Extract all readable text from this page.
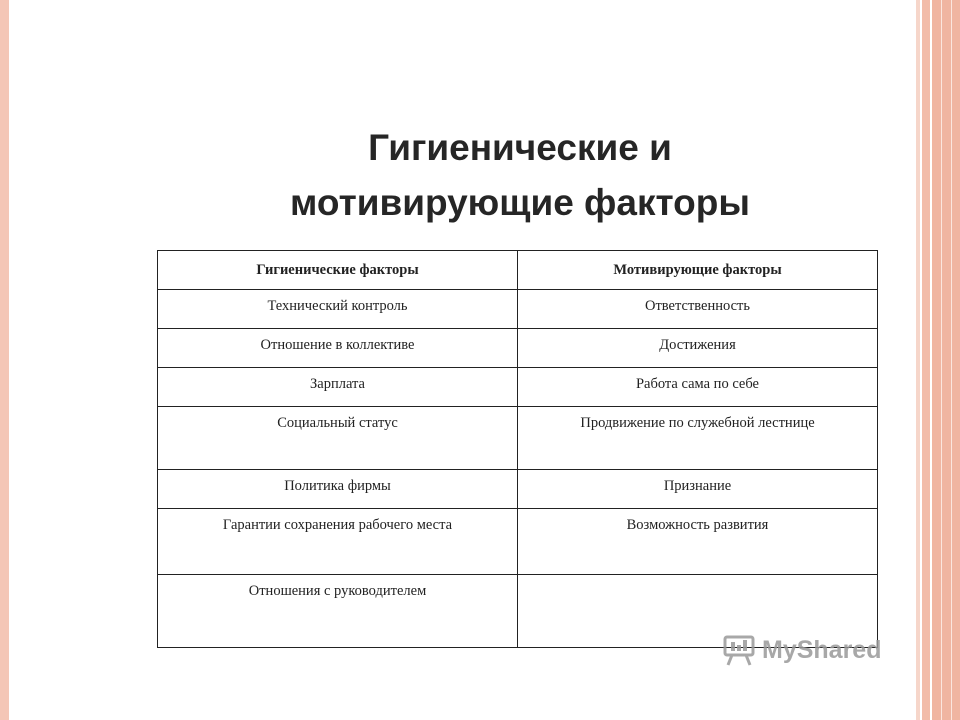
Гигиенические и
мотивирующие факторы
Гигиенические факторы	Мотивирующие факторы

Технический контроль	Ответственность

Отношение в коллективе	Достижения

Зарплата	Работа сама по себе

Социальный статус	Продвижение по служебной лестнице

Политика фирмы	Признание

Гарантии сохранения рабочего места	Возможность развития

Отношения с руководителем	

MyShared
